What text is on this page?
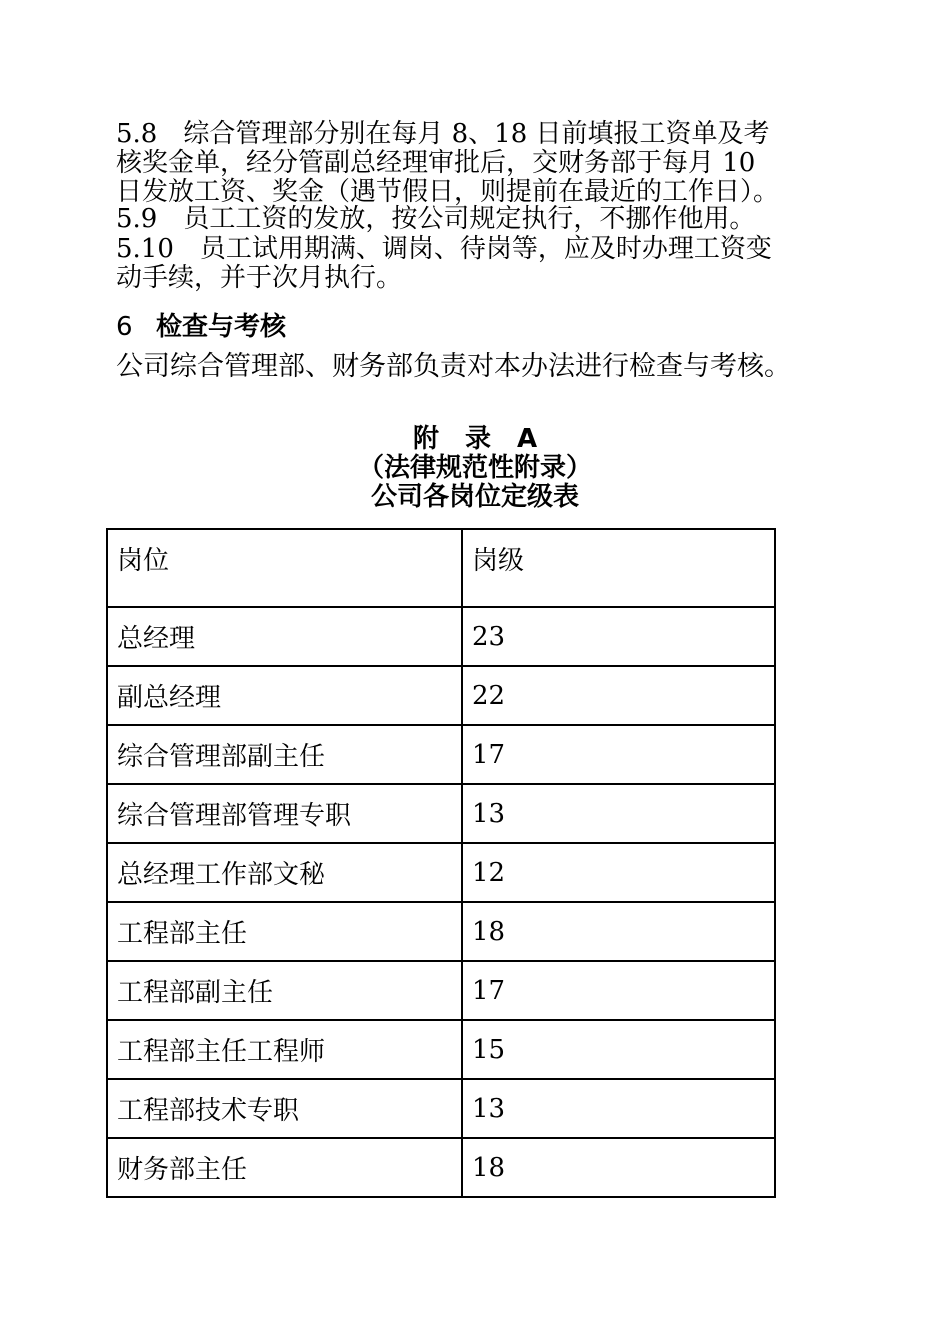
5.8　综合管理部分别在每月 8、18 日前填报工资单及考
核奖金单，经分管副总经理审批后，交财务部于每月 10
日发放工资、奖金（遇节假日，则提前在最近的工作日）。
5.9　员工工资的发放，按公司规定执行，不挪作他用。
5.10　员工试用期满、调岗、待岗等，应及时办理工资变
动手续，并于次月执行。
6 检查与考核
公司综合管理部、财务部负责对本办法进行检查与考核。
附　录　A
（法律规范性附录）
公司各岗位定级表
岗位	岗级
总经理	23
副总经理	22
综合管理部副主任	17
综合管理部管理专职	13
总经理工作部文秘	12
工程部主任	18
工程部副主任	17
工程部主任工程师	15
工程部技术专职	13
财务部主任	18
